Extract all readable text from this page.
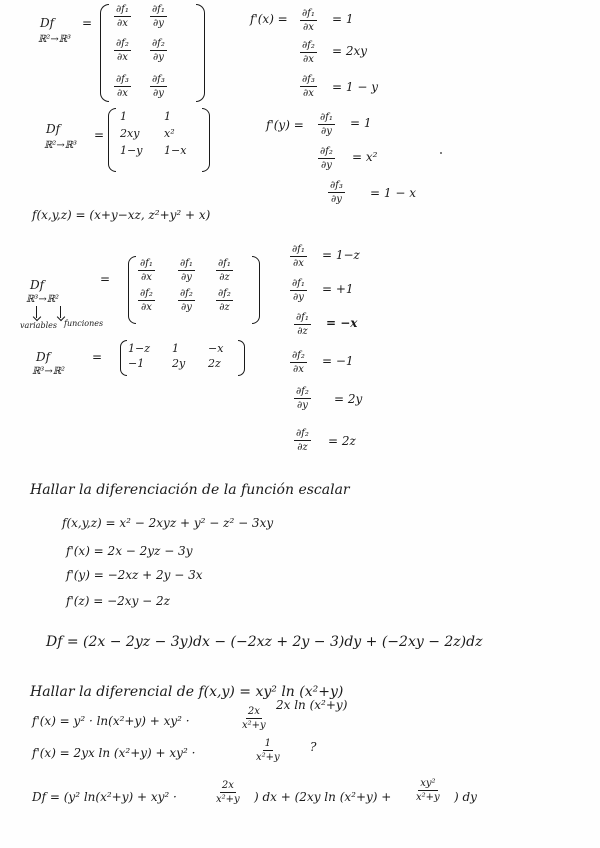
Df =
ℝ²→ℝ³
$\frac{\text{∂f₁}}{\partial x} \frac{\text{∂f₁}}{\partial y}$
$\frac{\text{∂f₂}}{\partial x} \frac{\text{∂f₂}}{\partial y}$
$\frac{\text{∂f₃}}{\partial x} \frac{\text{∂f₃}}{\partial y}$
$f'(x) = \frac{\text{∂f₁}}{\partial x} = 1$
$\frac{\text{∂f₂}}{\partial x} = 2xy$
$\frac{\text{∂f₃}}{\partial x} = 1 - y$
Df
ℝ²→ℝ³
=
1	1
2xy	x²
1−y	1−x
$f'(y) = \frac{\text{∂f₁}}{\partial y} = 1$
$\frac{\text{∂f₂}}{\partial y} = x^2$
$\frac{\text{∂f₃}}{\partial y} = 1 - x$
f(x,y,z) = (x+y−xz, z²+y² + x)
Df
ℝ³→ℝ²
variables funciones
=	$\frac{\text{∂f₁}}{\partial x} \frac{\text{∂f₁}}{\partial y} \frac{\text{∂f₁}}{\partial z}$
$\frac{\text{∂f₂}}{\partial x} \frac{\text{∂f₂}}{\partial y} \frac{\text{∂f₂}}{\partial z}$
Df
ℝ³→ℝ²
=
1−z	1	−x
−1	2y	2z
$\frac{\text{∂f₁}}{\partial x} = 1-z$
$\frac{\text{∂f₁}}{\partial y} = +1$
$\frac{\text{∂f₁}}{\partial z} = -x$
$\frac{\text{∂f₂}}{\partial x} = -1$
$\frac{\text{∂f₂}}{\partial y} = 2y$
$\frac{\text{∂f₂}}{\partial z} = 2z$
Hallar la diferenciación de la función escalar
f(x,y,z) = x² − 2xyz + y² − z² − 3xy
f'(x) = 2x − 2yz − 3y
f'(y) = −2xz + 2y − 3x
f'(z) = −2xy − 2z
Df = (2x − 2yz − 3y)dx − (−2xz + 2y − 3)dy + (−2xy − 2z)dz
Hallar la diferencial de f(x,y) = xy² ln (x²+y)
f'(x) = y² · ln(x²+y) + xy² ·	$\frac{2x}{\text{x²+y}}$
2x ln (x²+y)
f'(x) = 2yx ln (x²+y) + xy² ·	$\frac{1}{\text{x²+y}}$ ?
Df = (y² ln(x²+y) + xy² ·	$\frac{2x}{\text{x²+y}}$ ) dx + (2xy $\ln (x^2+y) + \frac{\text{xy²}}{\text{x²+y}}$ ) dy
